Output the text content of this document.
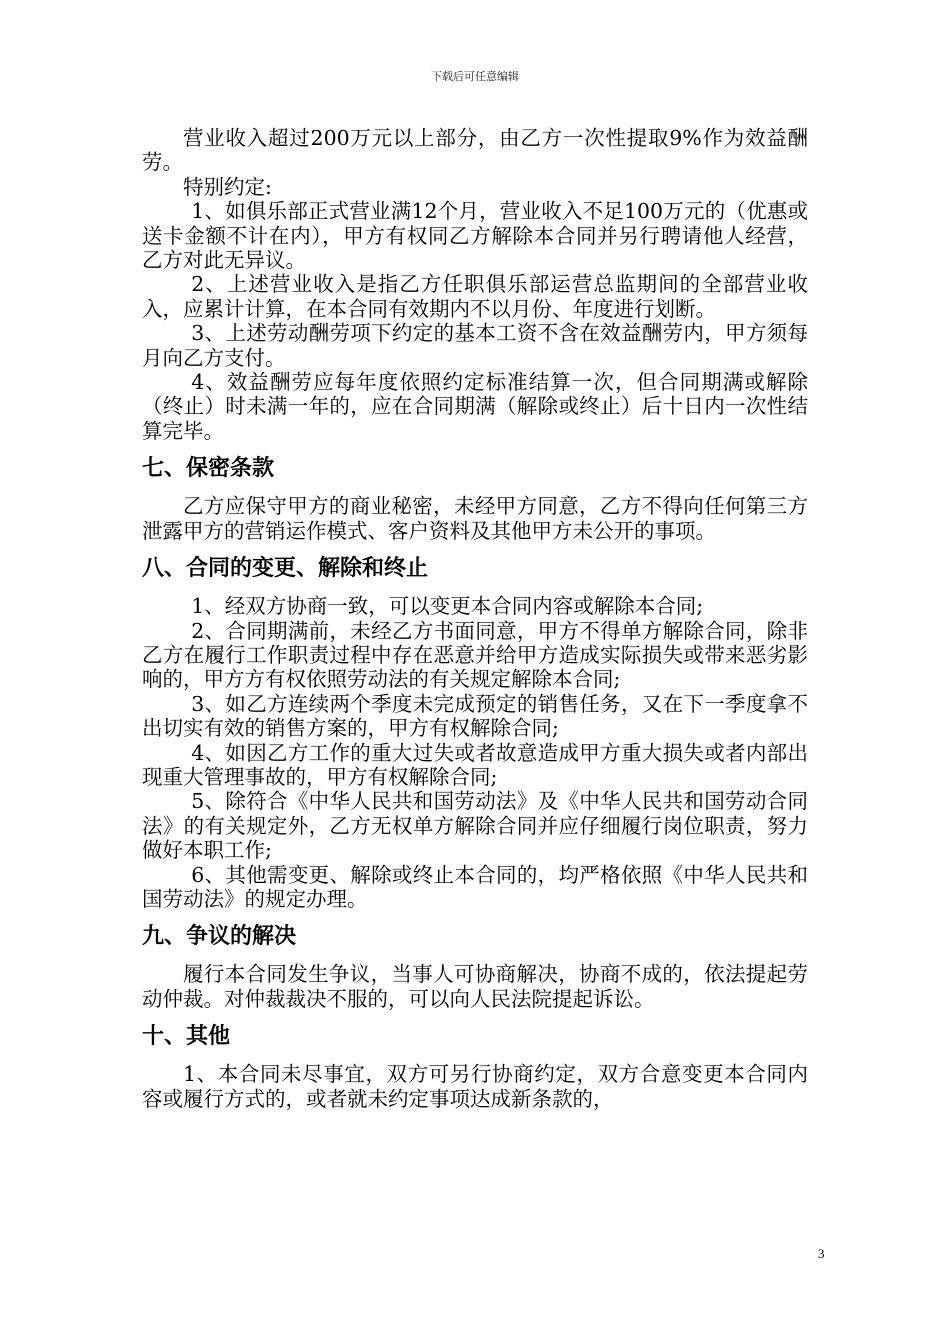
下载后可任意编辑

营业收入超过200万元以上部分，由乙方一次性提取9%作为效益酬劳。

特别约定:

1、如俱乐部正式营业满12个月，营业收入不足100万元的（优惠或送卡金额不计在内），甲方有权同乙方解除本合同并另行聘请他人经营，乙方对此无异议。

2、上述营业收入是指乙方任职俱乐部运营总监期间的全部营业收入，应累计计算，在本合同有效期内不以月份、年度进行划断。

3、上述劳动酬劳项下约定的基本工资不含在效益酬劳内，甲方须每月向乙方支付。

4、效益酬劳应每年度依照约定标准结算一次，但合同期满或解除（终止）时未满一年的，应在合同期满（解除或终止）后十日内一次性结算完毕。

七、保密条款

乙方应保守甲方的商业秘密，未经甲方同意，乙方不得向任何第三方泄露甲方的营销运作模式、客户资料及其他甲方未公开的事项。

八、合同的变更、解除和终止

1、经双方协商一致，可以变更本合同内容或解除本合同;

2、合同期满前，未经乙方书面同意，甲方不得单方解除合同，除非乙方在履行工作职责过程中存在恶意并给甲方造成实际损失或带来恶劣影响的，甲方方有权依照劳动法的有关规定解除本合同;

3、如乙方连续两个季度未完成预定的销售任务，又在下一季度拿不出切实有效的销售方案的，甲方有权解除合同;

4、如因乙方工作的重大过失或者故意造成甲方重大损失或者内部出现重大管理事故的，甲方有权解除合同;

5、除符合《中华人民共和国劳动法》及《中华人民共和国劳动合同法》的有关规定外，乙方无权单方解除合同并应仔细履行岗位职责，努力做好本职工作;

6、其他需变更、解除或终止本合同的，均严格依照《中华人民共和国劳动法》的规定办理。

九、争议的解决

履行本合同发生争议，当事人可协商解决，协商不成的，依法提起劳动仲裁。对仲裁裁决不服的，可以向人民法院提起诉讼。

十、其他

1、本合同未尽事宜，双方可另行协商约定，双方合意变更本合同内容或履行方式的，或者就未约定事项达成新条款的，

3
